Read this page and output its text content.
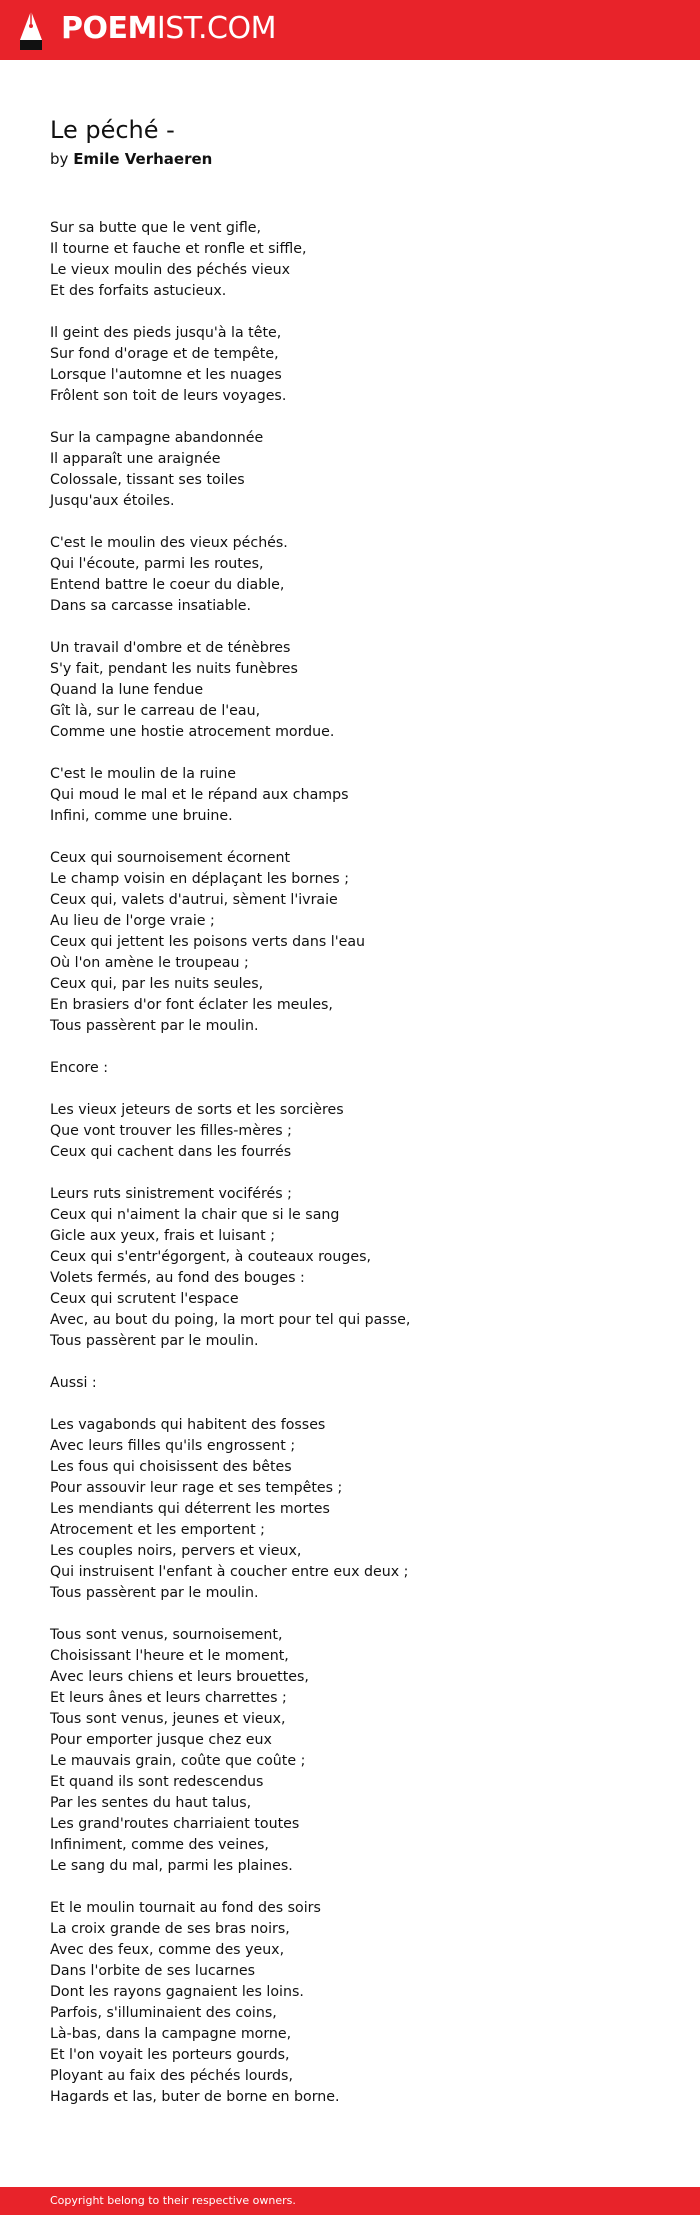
POEMIST.COM
Le péché -
by Emile Verhaeren
Sur sa butte que le vent gifle,
Il tourne et fauche et ronfle et siffle,
Le vieux moulin des péchés vieux
Et des forfaits astucieux.
Il geint des pieds jusqu'à la tête,
Sur fond d'orage et de tempête,
Lorsque l'automne et les nuages
Frôlent son toit de leurs voyages.
Sur la campagne abandonnée
Il apparaît une araignée
Colossale, tissant ses toiles
Jusqu'aux étoiles.
C'est le moulin des vieux péchés.
Qui l'écoute, parmi les routes,
Entend battre le coeur du diable,
Dans sa carcasse insatiable.
Un travail d'ombre et de ténèbres
S'y fait, pendant les nuits funèbres
Quand la lune fendue
Gît là, sur le carreau de l'eau,
Comme une hostie atrocement mordue.
C'est le moulin de la ruine
Qui moud le mal et le répand aux champs
Infini, comme une bruine.
Ceux qui sournoisement écornent
Le champ voisin en déplaçant les bornes ;
Ceux qui, valets d'autrui, sèment l'ivraie
Au lieu de l'orge vraie ;
Ceux qui jettent les poisons verts dans l'eau
Où l'on amène le troupeau ;
Ceux qui, par les nuits seules,
En brasiers d'or font éclater les meules,
Tous passèrent par le moulin.
Encore :
Les vieux jeteurs de sorts et les sorcières
Que vont trouver les filles-mères ;
Ceux qui cachent dans les fourrés
Leurs ruts sinistrement vociférés ;
Ceux qui n'aiment la chair que si le sang
Gicle aux yeux, frais et luisant ;
Ceux qui s'entr'égorgent, à couteaux rouges,
Volets fermés, au fond des bouges :
Ceux qui scrutent l'espace
Avec, au bout du poing, la mort pour tel qui passe,
Tous passèrent par le moulin.
Aussi :
Les vagabonds qui habitent des fosses
Avec leurs filles qu'ils engrossent ;
Les fous qui choisissent des bêtes
Pour assouvir leur rage et ses tempêtes ;
Les mendiants qui déterrent les mortes
Atrocement et les emportent ;
Les couples noirs, pervers et vieux,
Qui instruisent l'enfant à coucher entre eux deux ;
Tous passèrent par le moulin.
Tous sont venus, sournoisement,
Choisissant l'heure et le moment,
Avec leurs chiens et leurs brouettes,
Et leurs ânes et leurs charrettes ;
Tous sont venus, jeunes et vieux,
Pour emporter jusque chez eux
Le mauvais grain, coûte que coûte ;
Et quand ils sont redescendus
Par les sentes du haut talus,
Les grand'routes charriaient toutes
Infiniment, comme des veines,
Le sang du mal, parmi les plaines.
Et le moulin tournait au fond des soirs
La croix grande de ses bras noirs,
Avec des feux, comme des yeux,
Dans l'orbite de ses lucarnes
Dont les rayons gagnaient les loins.
Parfois, s'illuminaient des coins,
Là-bas, dans la campagne morne,
Et l'on voyait les porteurs gourds,
Ployant au faix des péchés lourds,
Hagards et las, buter de borne en borne.
Copyright belong to their respective owners.
